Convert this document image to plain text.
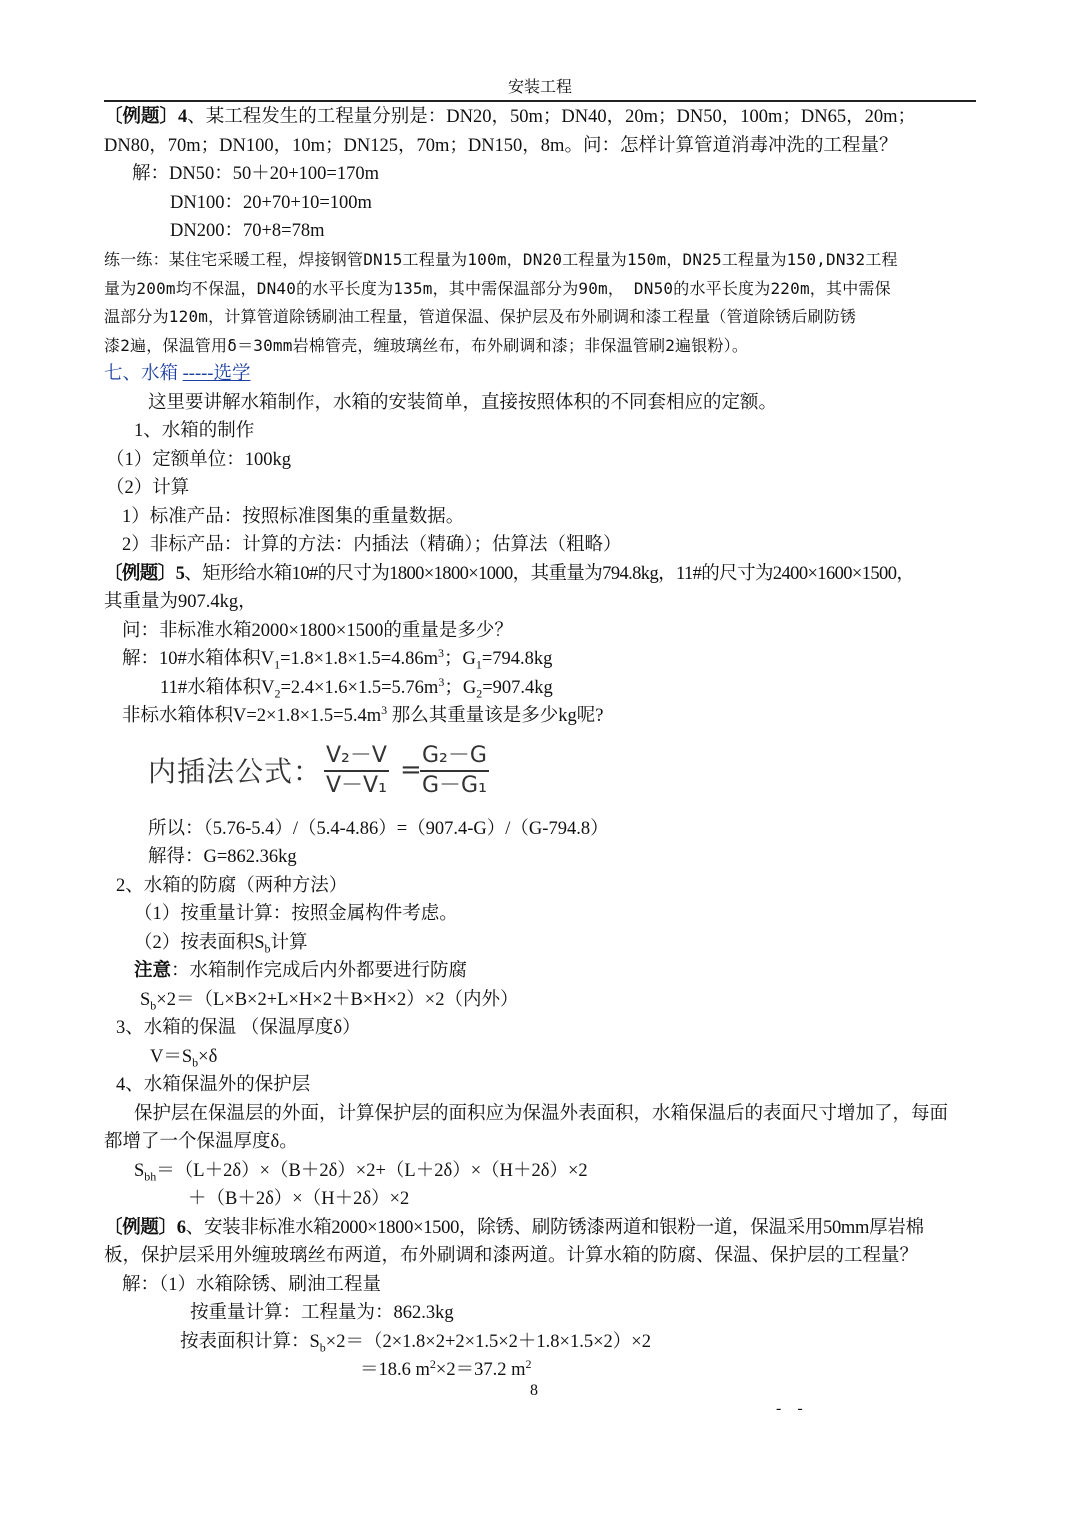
安装工程
〔例题〕4、某工程发生的工程量分别是：DN20，50m；DN40，20m；DN50，100m；DN65，20m；
DN80，70m；DN100，10m；DN125，70m；DN150，8m。问：怎样计算管道消毒冲洗的工程量？
解：DN50：50＋20+100=170m
DN100：20+70+10=100m
DN200：70+8=78m
练一练：某住宅采暖工程，焊接钢管DN15工程量为100m，DN20工程量为150m，DN25工程量为150,DN32工程
量为200m均不保温，DN40的水平长度为135m，其中需保温部分为90m， DN50的水平长度为220m，其中需保
温部分为120m，计算管道除锈刷油工程量，管道保温、保护层及布外刷调和漆工程量（管道除锈后刷防锈
漆2遍，保温管用δ＝30mm岩棉管壳，缠玻璃丝布，布外刷调和漆；非保温管刷2遍银粉）。
七、水箱 -----选学
这里要讲解水箱制作，水箱的安装简单，直接按照体积的不同套相应的定额。
1、水箱的制作
（1）定额单位：100kg
（2）计算
1）标准产品：按照标准图集的重量数据。
2）非标产品：计算的方法：内插法（精确）；估算法（粗略）
〔例题〕5、矩形给水箱10#的尺寸为1800×1800×1000，其重量为794.8kg，11#的尺寸为2400×1600×1500，
其重量为907.4kg，
问：非标准水箱2000×1800×1500的重量是多少？
解：10#水箱体积$V_1=1.8\times 1.8\times 1.5=4.86m^3$；$G_1=794.8kg$
11#水箱体积$V_2=2.4\times 1.6\times 1.5=5.76m^3$；$G_2=907.4kg$
非标水箱体积$V=2\times 1.8\times 1.5=5.4m^3$ 那么其重量该是多少kg呢?
内插法公式： $\frac{\text{V₂－V}}{\text{V－V₁}}$ =
$\frac{\text{G₂－G}}{\text{G－G₁}}$
所以：（5.76-5.4）/（5.4-4.86）=（907.4-G）/（G-794.8）
解得：G=862.36kg
2、水箱的防腐（两种方法）
（1）按重量计算：按照金属构件考虑。
（2）按表面积$S_b$计算
注意：水箱制作完成后内外都要进行防腐
$S_b\times 2=(L\times B\times 2+L\times H\times 2+B\times H\times 2)\times 2$（内外）
3、水箱的保温 （保温厚度δ）
$V=S_b\times\delta$
4、水箱保温外的保护层
保护层在保温层的外面，计算保护层的面积应为保温外表面积，水箱保温后的表面尺寸增加了，每面
都增了一个保温厚度δ。
$S_{bh}=(L+2\delta)\times(B+2\delta)\times 2+(L+2\delta)\times(H+2\delta)\times 2$
＋（B＋2δ）×（H＋2δ）×2
〔例题〕6、安装非标准水箱2000×1800×1500，除锈、刷防锈漆两道和银粉一道，保温采用50mm厚岩棉
板，保护层采用外缠玻璃丝布两道，布外刷调和漆两道。计算水箱的防腐、保温、保护层的工程量？
解：（1）水箱除锈、刷油工程量
按重量计算：工程量为：862.3kg
按表面积计算：$S_b\times 2=(2\times 1.8\times 2+2\times 1.5\times 2+1.8\times 1.5\times 2)\times 2$
＝18.6 $m^2\times 2=37.2$ $m^2$
8
- -
